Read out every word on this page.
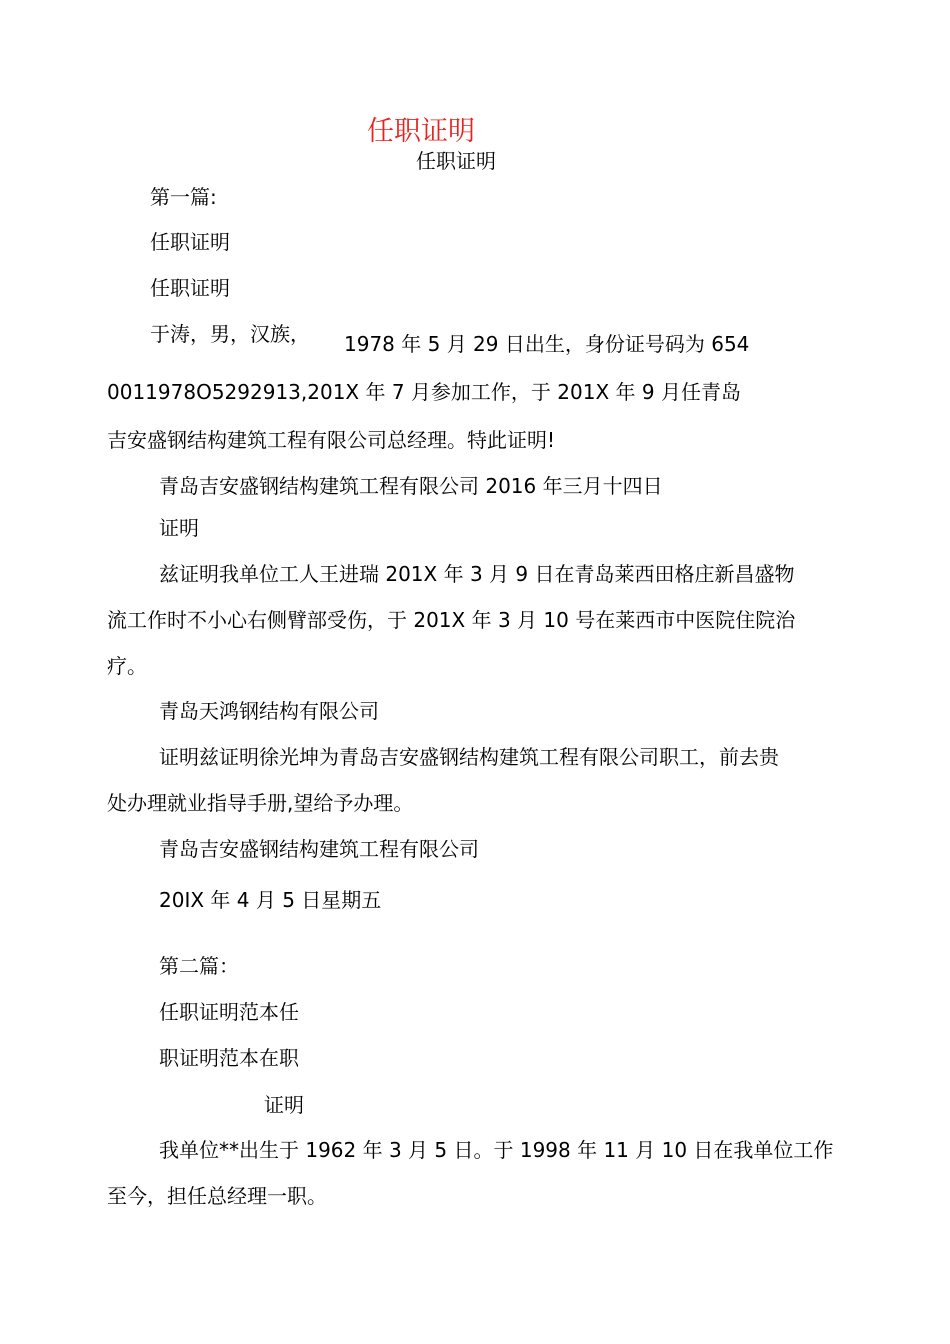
任职证明
任职证明
第一篇:
任职证明
任职证明
于涛，男，汉族， 1978 年 5 月 29 日出生，身份证号码为 654
0011978O5292913,201X 年 7 月参加工作，于 201X 年 9 月任青岛
吉安盛钢结构建筑工程有限公司总经理。特此证明!
青岛吉安盛钢结构建筑工程有限公司 2016 年三月十四日
证明
兹证明我单位工人王进瑞 201X 年 3 月 9 日在青岛莱西田格庄新昌盛物
流工作时不小心右侧臂部受伤，于 201X 年 3 月 10 号在莱西市中医院住院治
疗。
青岛天鸿钢结构有限公司
证明兹证明徐光坤为青岛吉安盛钢结构建筑工程有限公司职工，前去贵
处办理就业指导手册,望给予办理。
青岛吉安盛钢结构建筑工程有限公司
20IX 年 4 月 5 日星期五
第二篇：
任职证明范本任
职证明范本在职
证明
我单位**出生于 1962 年 3 月 5 日。于 1998 年 11 月 10 日在我单位工作
至今，担任总经理一职。
